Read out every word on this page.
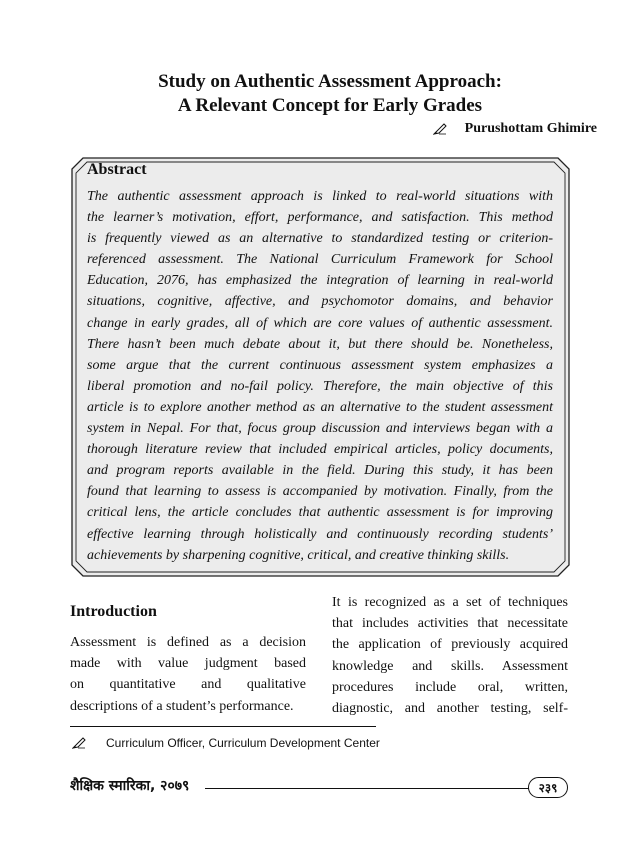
Study on Authentic Assessment Approach:
A Relevant Concept for Early Grades
Purushottam Ghimire
Abstract
The authentic assessment approach is linked to real-world situations with
the learner’s motivation, effort, performance, and satisfaction. This method
is frequently viewed as an alternative to standardized testing or criterion-
referenced assessment. The National Curriculum Framework for School
Education, 2076, has emphasized the integration of learning in real-world
situations, cognitive, affective, and psychomotor domains, and behavior
change in early grades, all of which are core values of authentic assessment.
There hasn’t been much debate about it, but there should be. Nonetheless,
some argue that the current continuous assessment system emphasizes a
liberal promotion and no-fail policy. Therefore, the main objective of this
article is to explore another method as an alternative to the student assessment
system in Nepal. For that, focus group discussion and interviews began with a
thorough literature review that included empirical articles, policy documents,
and program reports available in the field. During this study, it has been
found that learning to assess is accompanied by motivation. Finally, from the
critical lens, the article concludes that authentic assessment is for improving
effective learning through holistically and continuously recording students’
achievements by sharpening cognitive, critical, and creative thinking skills.
Introduction
Assessment is defined as a decision
made with value judgment based
on quantitative and qualitative
descriptions of a student’s performance.
It is recognized as a set of techniques
that includes activities that necessitate
the application of previously acquired
knowledge and skills. Assessment
procedures include oral, written,
diagnostic, and another testing, self-
Curriculum Officer, Curriculum Development Center
शैक्षिक स्मारिका, २०७९	२३९
